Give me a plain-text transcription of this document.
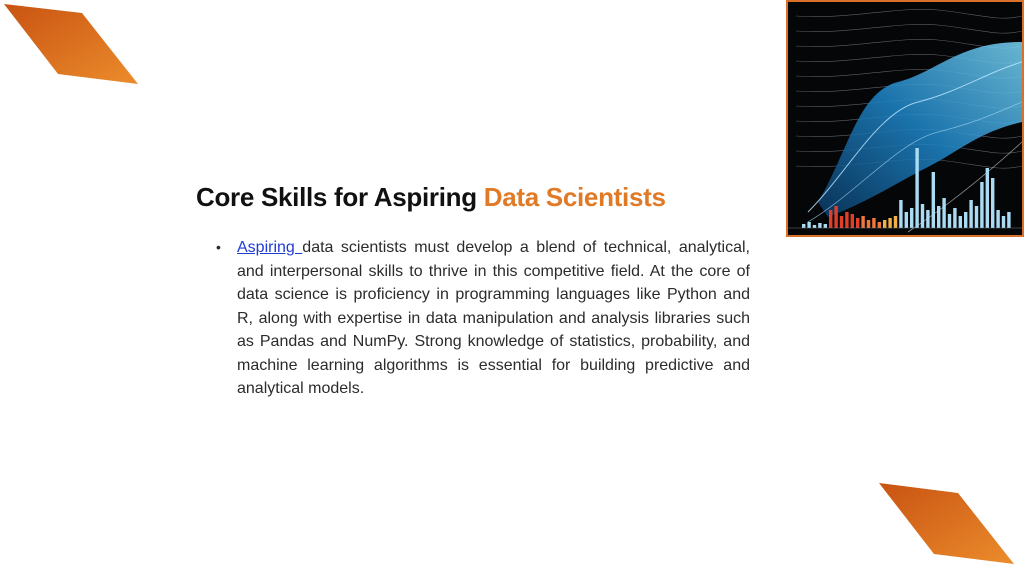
Core Skills for Aspiring Data Scientists
• Aspiring data scientists must develop a blend of technical, analytical, and interpersonal skills to thrive in this competitive field. At the core of data science is proficiency in programming languages like Python and R, along with expertise in data manipulation and analysis libraries such as Pandas and NumPy. Strong knowledge of statistics, probability, and machine learning algorithms is essential for building predictive and analytical models.
